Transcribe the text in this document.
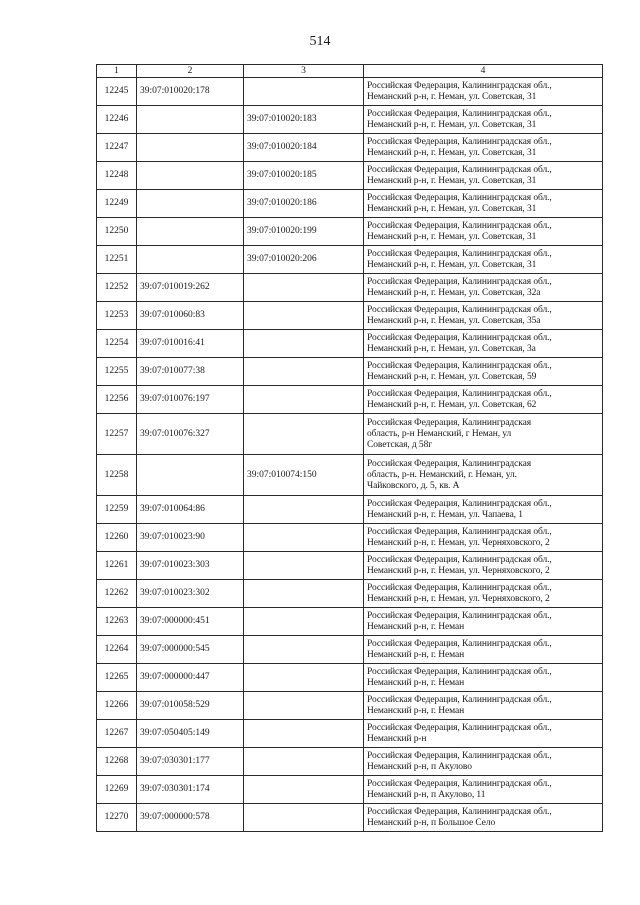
514
1	2	3	4
12245	39:07:010020:178		Российская Федерация, Калининградская обл.,
Неманский р-н, г. Неман, ул. Советская, 31

12246		39:07:010020:183	Российская Федерация, Калининградская обл.,
Неманский р-н, г. Неман, ул. Советская, 31

12247		39:07:010020:184	Российская Федерация, Калининградская обл.,
Неманский р-н, г. Неман, ул. Советская, 31

12248		39:07:010020:185	Российская Федерация, Калининградская обл.,
Неманский р-н, г. Неман, ул. Советская, 31

12249		39:07:010020:186	Российская Федерация, Калининградская обл.,
Неманский р-н, г. Неман, ул. Советская, 31

12250		39:07:010020:199	Российская Федерация, Калининградская обл.,
Неманский р-н, г. Неман, ул. Советская, 31

12251		39:07:010020:206	Российская Федерация, Калининградская обл.,
Неманский р-н, г. Неман, ул. Советская, 31

12252	39:07:010019:262		Российская Федерация, Калининградская обл.,
Неманский р-н, г. Неман, ул. Советская, 32а

12253	39:07:010060:83		Российская Федерация, Калининградская обл.,
Неманский р-н, г. Неман, ул. Советская, 35а

12254	39:07:010016:41		Российская Федерация, Калининградская обл.,
Неманский р-н, г. Неман, ул. Советская, 3а

12255	39:07:010077:38		Российская Федерация, Калининградская обл.,
Неманский р-н, г. Неман, ул. Советская, 59

12256	39:07:010076:197		Российская Федерация, Калининградская обл.,
Неманский р-н, г. Неман, ул. Советская, 62

12257	39:07:010076:327		Российская Федерация, Калининградская
область, р-н Неманский, г Неман, ул
Советская, д 58г

12258		39:07:010074:150	Российская Федерация, Калининградская
область, р-н. Неманский, г. Неман, ул.
Чайковского, д. 5, кв. А

12259	39:07:010064:86		Российская Федерация, Калининградская обл.,
Неманский р-н, г. Неман, ул. Чапаева, 1

12260	39:07:010023:90		Российская Федерация, Калининградская обл.,
Неманский р-н, г. Неман, ул. Черняховского, 2

12261	39:07:010023:303		Российская Федерация, Калининградская обл.,
Неманский р-н, г. Неман, ул. Черняховского, 2

12262	39:07:010023:302		Российская Федерация, Калининградская обл.,
Неманский р-н, г. Неман, ул. Черняховского, 2

12263	39:07:000000:451		Российская Федерация, Калининградская обл.,
Неманский р-н, г. Неман

12264	39:07:000000:545		Российская Федерация, Калининградская обл.,
Неманский р-н, г. Неман

12265	39:07:000000:447		Российская Федерация, Калининградская обл.,
Неманский р-н, г. Неман

12266	39:07:010058:529		Российская Федерация, Калининградская обл.,
Неманский р-н, г. Неман

12267	39:07:050405:149		Российская Федерация, Калининградская обл.,
Неманский р-н

12268	39:07:030301:177		Российская Федерация, Калининградская обл.,
Неманский р-н, п Акулово

12269	39:07:030301:174		Российская Федерация, Калининградская обл.,
Неманский р-н, п Акулово, 11

12270	39:07:000000:578		Российская Федерация, Калининградская обл.,
Неманский р-н, п Большое Село
